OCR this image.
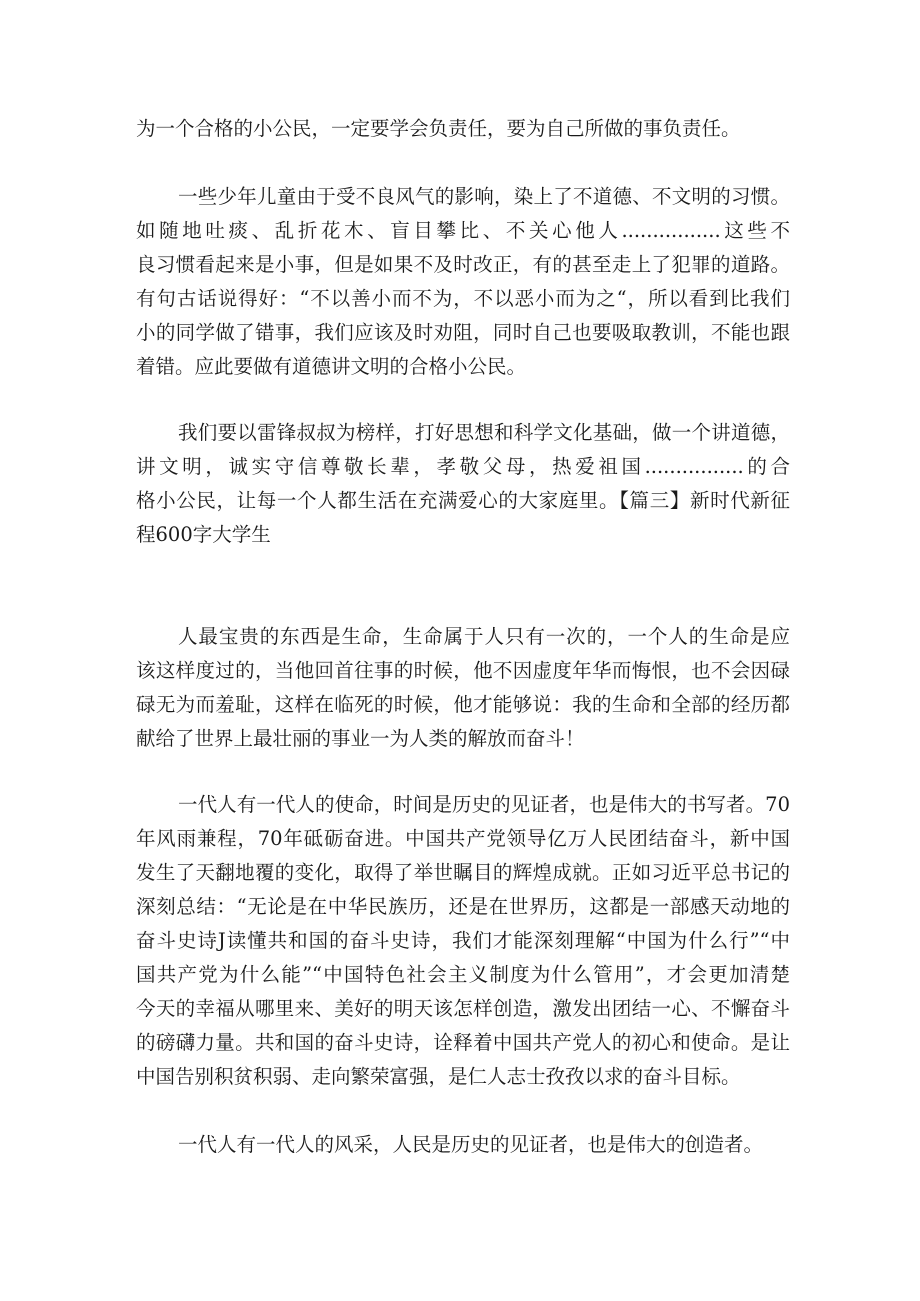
为一个合格的小公民，一定要学会负责任，要为自己所做的事负责任。
一些少年儿童由于受不良风气的影响，染上了不道德、不文明的习惯。
如随地吐痰、乱折花木、盲目攀比、不关心他人................这些不
良习惯看起来是小事，但是如果不及时改正，有的甚至走上了犯罪的道路。
有句古话说得好：“不以善小而不为，不以恶小而为之“，所以看到比我们
小的同学做了错事，我们应该及时劝阻，同时自己也要吸取教训，不能也跟
着错。应此要做有道德讲文明的合格小公民。
我们要以雷锋叔叔为榜样，打好思想和科学文化基础，做一个讲道德，
讲文明，诚实守信尊敬长辈，孝敬父母，热爱祖国................的合
格小公民，让每一个人都生活在充满爱心的大家庭里。【篇三】新时代新征
程600字大学生
人最宝贵的东西是生命，生命属于人只有一次的，一个人的生命是应
该这样度过的，当他回首往事的时候，他不因虚度年华而悔恨，也不会因碌
碌无为而羞耻，这样在临死的时候，他才能够说：我的生命和全部的经历都
献给了世界上最壮丽的事业一为人类的解放而奋斗！
一代人有一代人的使命，时间是历史的见证者，也是伟大的书写者。70
年风雨兼程，70年砥砺奋进。中国共产党领导亿万人民团结奋斗，新中国
发生了天翻地覆的变化，取得了举世瞩目的辉煌成就。正如习近平总书记的
深刻总结：“无论是在中华民族历，还是在世界历，这都是一部感天动地的
奋斗史诗J读懂共和国的奋斗史诗，我们才能深刻理解“中国为什么行”“中
国共产党为什么能”“中国特色社会主义制度为什么管用”，才会更加清楚
今天的幸福从哪里来、美好的明天该怎样创造，激发出团结一心、不懈奋斗
的磅礴力量。共和国的奋斗史诗，诠释着中国共产党人的初心和使命。是让
中国告别积贫积弱、走向繁荣富强，是仁人志士孜孜以求的奋斗目标。
一代人有一代人的风采，人民是历史的见证者，也是伟大的创造者。
